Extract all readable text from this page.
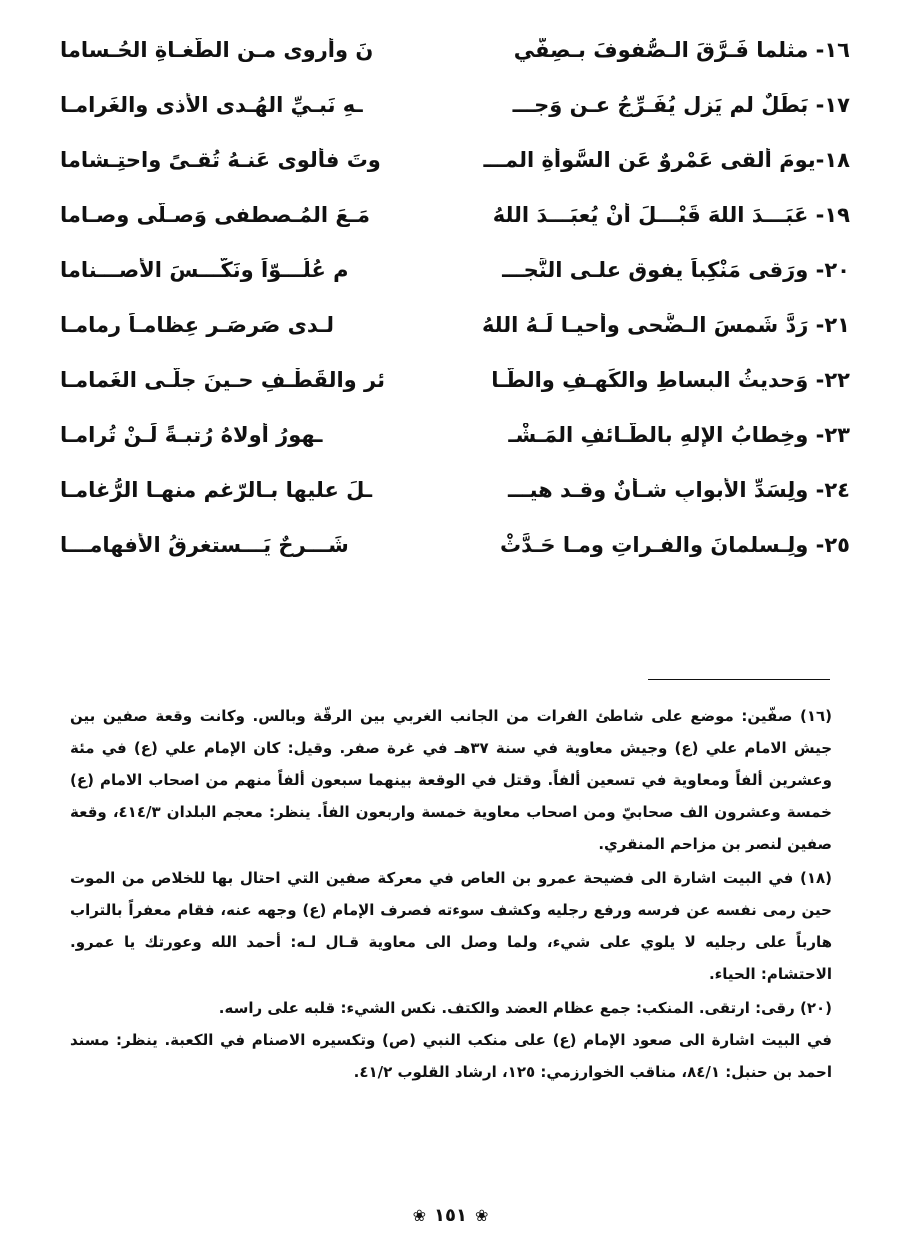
١٦- مثلما فَـرَّقَ الـصُّفوفَ بـصِفّي
نَ وأروى مـن الطُّغـاةِ الحُـساما
١٧- بَطَلٌ لم يَزل يُفَـرِّجُ عـن وَجـــ
ـهِ نَبـيِّ الهُـدى الأذى والغَرامـا
١٨-يومَ ألقى عَمْروٌ عَن السَّوأةِ المـــ
وتَ فألوى عَنـهُ تُقـىً واحتِـشاما
١٩- عَبَـــدَ اللهَ قَبْـــلَ أنْ يُعبَـــدَ اللهُ
مَـعَ المُـصطفى وَصـلّى وصـاما
٢٠- ورَقى مَنْكِباً يفوق علـى النَّجـــ
مِ عُلُـــوّاً ونَكَّـــسَ الأَصـــناما
٢١- رَدَّ شَمسَ الـضُّحى وأحيـا لَـهُ اللهُ
لـدى صَرصَـرٍ عِظامـاً رِمامـا
٢٢- وَحديثُ البِساطِ والكَهـفِ والطَّـا
ئرِ والقَطْـفِ حـينَ جلّـى الغَمامـا
٢٣- وخِطابُ الإلهِ بالطّـائفِ المَـشْـ
ـهورُ أولاهُ رُتبـةً لَـنْ تُرامـا
٢٤- ولِسَدِّ الأبوابِ شـأنٌ وقـد هيـــ
ـلَ عليها بـالرّغمِ منهـا الرُّغامـا
٢٥- ولِـسلمانَ والفـراتِ ومـا حَـدَّثْ
شَـــرحٌ يَـــستغرقُ الأفهامـــا

(١٦) صفّين: موضع على شاطئ الفرات من الجانب الغربي بين الرقّة وبالس. وكانت وقعة صفين بين جيش الامام علي (ع) وجيش معاوية في سنة ٣٧هـ في غرة صفر. وقيل: كان الإمام علي (ع) في مئة وعشرين ألفاً ومعاوية في تسعين ألفاً. وقتل في الوقعة بينهما سبعون ألفاً منهم من اصحاب الامام (ع) خمسة وعشرون الف صحابيّ ومن اصحاب معاوية خمسة واربعون الفاً. ينظر: معجم البلدان ٤١٤/٣، وقعة صفين لنصر بن مزاحم المنقري.

(١٨) في البيت اشارة الى فضيحة عمرو بن العاص في معركة صفين التي احتال بها للخلاص من الموت حين رمى نفسه عن فرسه ورفع رجليه وكشف سوءته فصرف الإمام (ع) وجهه عنه، فقام معفراً بالتراب هارباً على رجليه لا يلوي على شيء، ولما وصل الى معاوية قـال لـه: أحمد الله وعورتك يا عمرو. الاحتشام: الحياء.

(٢٠) رقى: ارتقى. المنكب: جمع عظام العضد والكتف. نكس الشيء: قلبه على راسه.

في البيت اشارة الى صعود الإمام (ع) على منكب النبي (ص) وتكسيره الاصنام في الكعبة. ينظر: مسند احمد بن حنبل: ٨٤/١، مناقب الخوارزمي: ١٢٥، ارشاد القلوب ٤١/٢.

❀١٥١❀
